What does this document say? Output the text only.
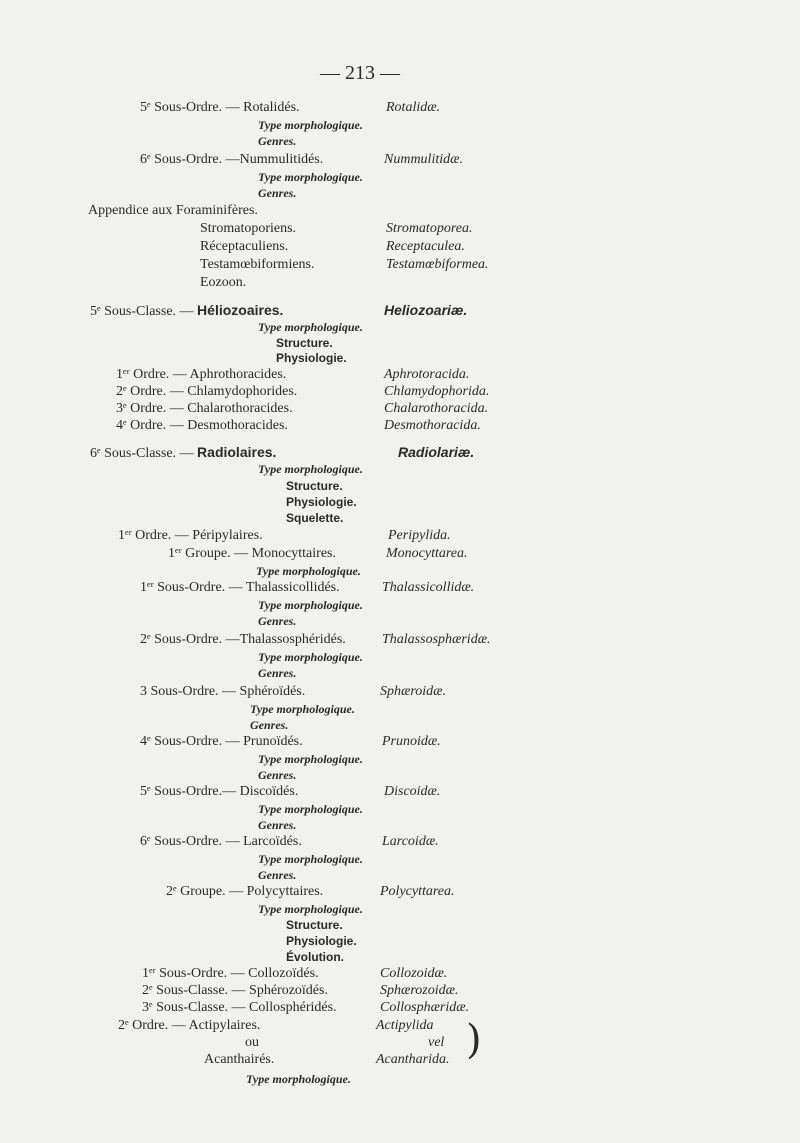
— 213 —
5ᵉ Sous-Ordre. — Rotalidés.	Rotalidæ.
Type morphologique.
Genres.
6ᵉ Sous-Ordre. —Nummulitidés.	Nummulitidæ.
Type morphologique.
Genres.
Appendice aux Foraminifères.
Stromatoporiens.	Stromatoporea.
Réceptaculiens.	Receptaculea.
Testamœbiformiens.	Testamœbiformea.
Eozoon.
5ᵉ Sous-Classe. — Héliozoaires.	Heliozoariæ.
Type morphologique.
Structure.
Physiologie.
1ᵉʳ Ordre. — Aphrothoracides.	Aphrotoracida.
2ᵉ Ordre. — Chlamydophorides.	Chlamydophorida.
3ᵉ Ordre. — Chalarothoracides.	Chalarothoracida.
4ᵉ Ordre. — Desmothoracides.	Desmothoracida.
6ᵉ Sous-Classe. — Radiolaires.	Radiolariæ.
Type morphologique.
Structure.
Physiologie.
Squelette.
1ᵉʳ Ordre. — Péripylaires.	Peripylida.
1ᵉʳ Groupe. — Monocyttaires.	Monocyttarea.
Type morphologique.
1ᵉʳ Sous-Ordre. — Thalassicollidés.	Thalassicollidæ.
Type morphologique.
Genres.
2ᵉ Sous-Ordre. —Thalassosphéridés.	Thalassosphæridæ.
Type morphologique.
Genres.
3 Sous-Ordre. — Sphéroïdés.	Sphæroidæ.
Type morphologique.
Genres.
4ᵉ Sous-Ordre. — Prunoïdés.	Prunoidæ.
Type morphologique.
Genres.
5ᵉ Sous-Ordre.— Discoïdés.	Discoidæ.
Type morphologique.
Genres.
6ᵉ Sous-Ordre. — Larcoïdés.	Larcoidæ.
Type morphologique.
Genres.
2ᵉ Groupe. — Polycyttaires.	Polycyttarea.
Type morphologique.
Structure.
Physiologie.
Évolution.
1ᵉʳ Sous-Ordre. — Collozoïdés.	Collozoidæ.
2ᵉ Sous-Classe. — Sphérozoïdés.	Sphærozoidæ.
3ᵉ Sous-Classe. — Collosphéridés.	Collosphæridæ.
2ᵉ Ordre. — Actipylaires.	Actipylida
ou	vel
Acanthairés.	Acantharida. )
Type morphologique.
